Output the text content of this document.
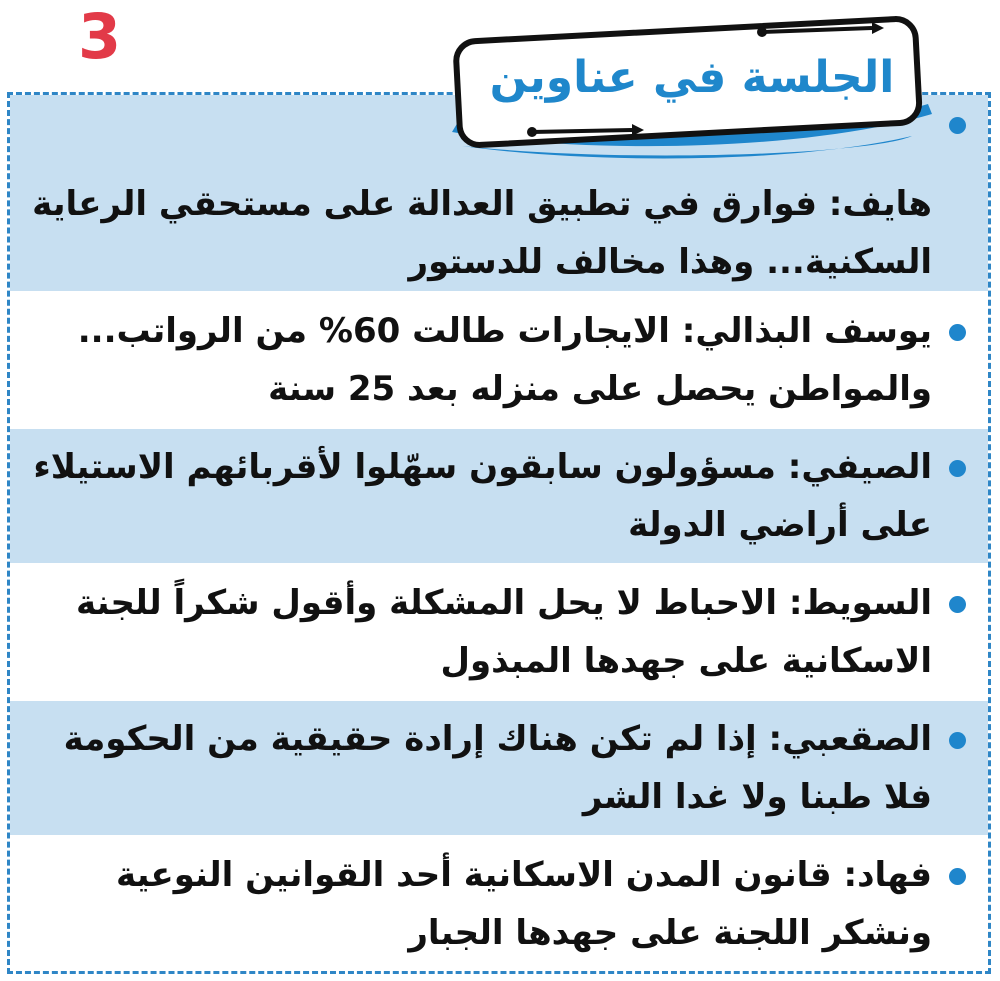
هايف: فوارق في تطبيق العدالة على مستحقي الرعاية السكنية... وهذا مخالف للدستور

يوسف البذالي: الايجارات طالت 60% من الرواتب... والمواطن يحصل على منزله بعد 25 سنة

الصيفي: مسؤولون سابقون سهّلوا لأقربائهم الاستيلاء على أراضي الدولة

السويط: الاحباط لا يحل المشكلة وأقول شكراً للجنة الاسكانية على جهدها المبذول

الصقعبي: إذا لم تكن هناك إرادة حقيقية من الحكومة فلا طبنا ولا غدا الشر

فهاد: قانون المدن الاسكانية أحد القوانين النوعية ونشكر اللجنة على جهدها الجبار

الجلسة في عناوين

3
